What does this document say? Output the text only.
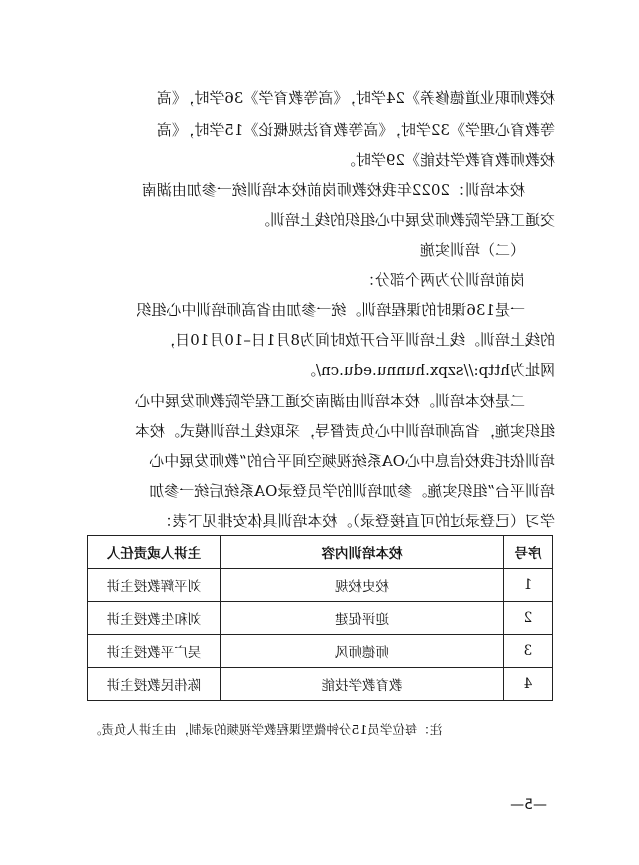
校教师职业道德修养》24学时，《高等教育学》36学时，《高
等教育心理学》32学时，《高等教育法规概论》15学时，《高
校教师教育教学技能》29学时。
校本培训：2022年我校教师岗前校本培训统一参加由湖南
交通工程学院教师发展中心组织的线上培训。
（二）培训实施
岗前培训分为两个部分：
一是136课时的课程培训。统一参加由省高师培训中心组织
的线上培训。线上培训平台开放时间为8月1日–10月10日，
网址为http://szpx.hunnu.edu.cn/。
二是校本培训。校本培训由湖南交通工程学院教师发展中心
组织实施，省高师培训中心负责督导，采取线上培训模式。校本
培训依托我校信息中心OA系统视频空间平台的“教师发展中心
培训平台”组织实施。参加培训的学员登录OA系统后统一参加
学习（已登录过的可直接登录）。校本培训具体安排见下表：
序号	校本培训内容	主讲人或责任人
1	校史校规	刘平辉教授主讲
2	迎评促建	刘和生教授主讲
3	师德师风	吴广平教授主讲
4	教育教学技能	陈伟民教授主讲
注：每位学员15分钟微型课程教学视频的录制，由主讲人负责。
—5—
